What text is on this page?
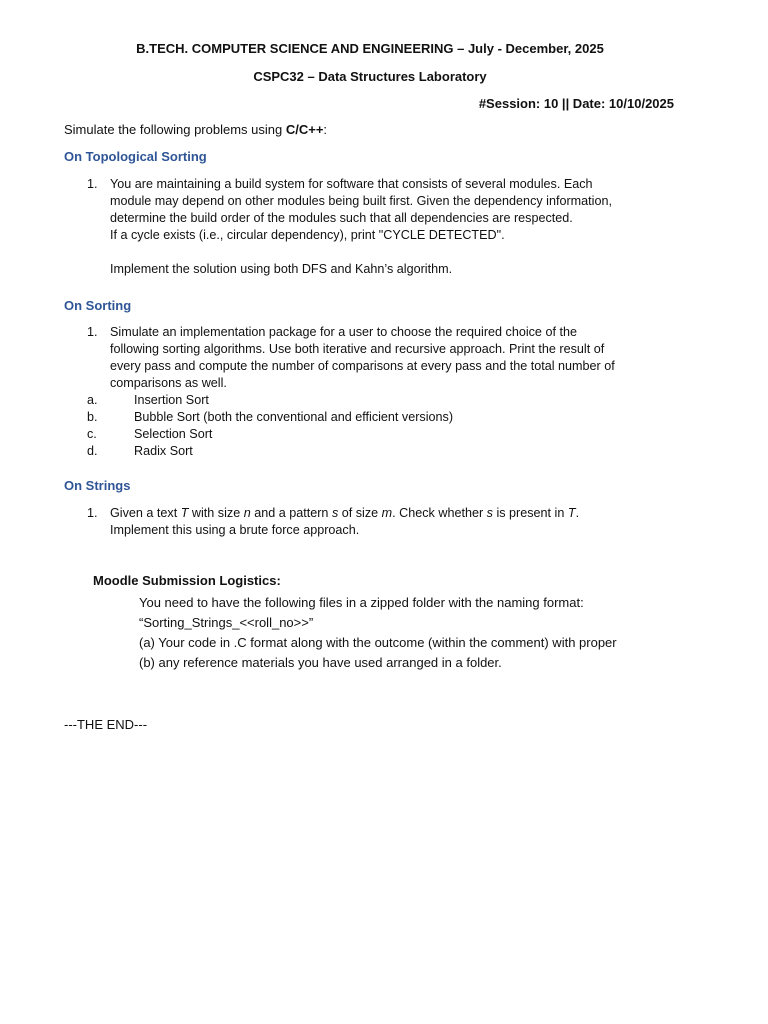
B.TECH. COMPUTER SCIENCE AND ENGINEERING – July - December, 2025
CSPC32 – Data Structures Laboratory
#Session: 10 || Date: 10/10/2025
Simulate the following problems using C/C++:
On Topological Sorting
1. You are maintaining a build system for software that consists of several modules. Each

module may depend on other modules being built first. Given the dependency information,

determine the build order of the modules such that all dependencies are respected.

If a cycle exists (i.e., circular dependency), print "CYCLE DETECTED".

Implement the solution using both DFS and Kahn’s algorithm.

On Sorting
1. Simulate an implementation package for a user to choose the required choice of the

following sorting algorithms. Use both iterative and recursive approach. Print the result of

every pass and compute the number of comparisons at every pass and the total number of

comparisons as well.

a.	Insertion Sort
b.	Bubble Sort (both the conventional and efficient versions)
c.	Selection Sort
d.	Radix Sort
On Strings
1. Given a text T with size n and a pattern s of size m. Check whether s is present in T.

Implement this using a brute force approach.

Moodle Submission Logistics:

You need to have the following files in a zipped folder with the naming format:

“Sorting_Strings_<<roll_no>>”

(a) Your code in .C format along with the outcome (within the comment) with proper

(b) any reference materials you have used arranged in a folder.

---THE END---
